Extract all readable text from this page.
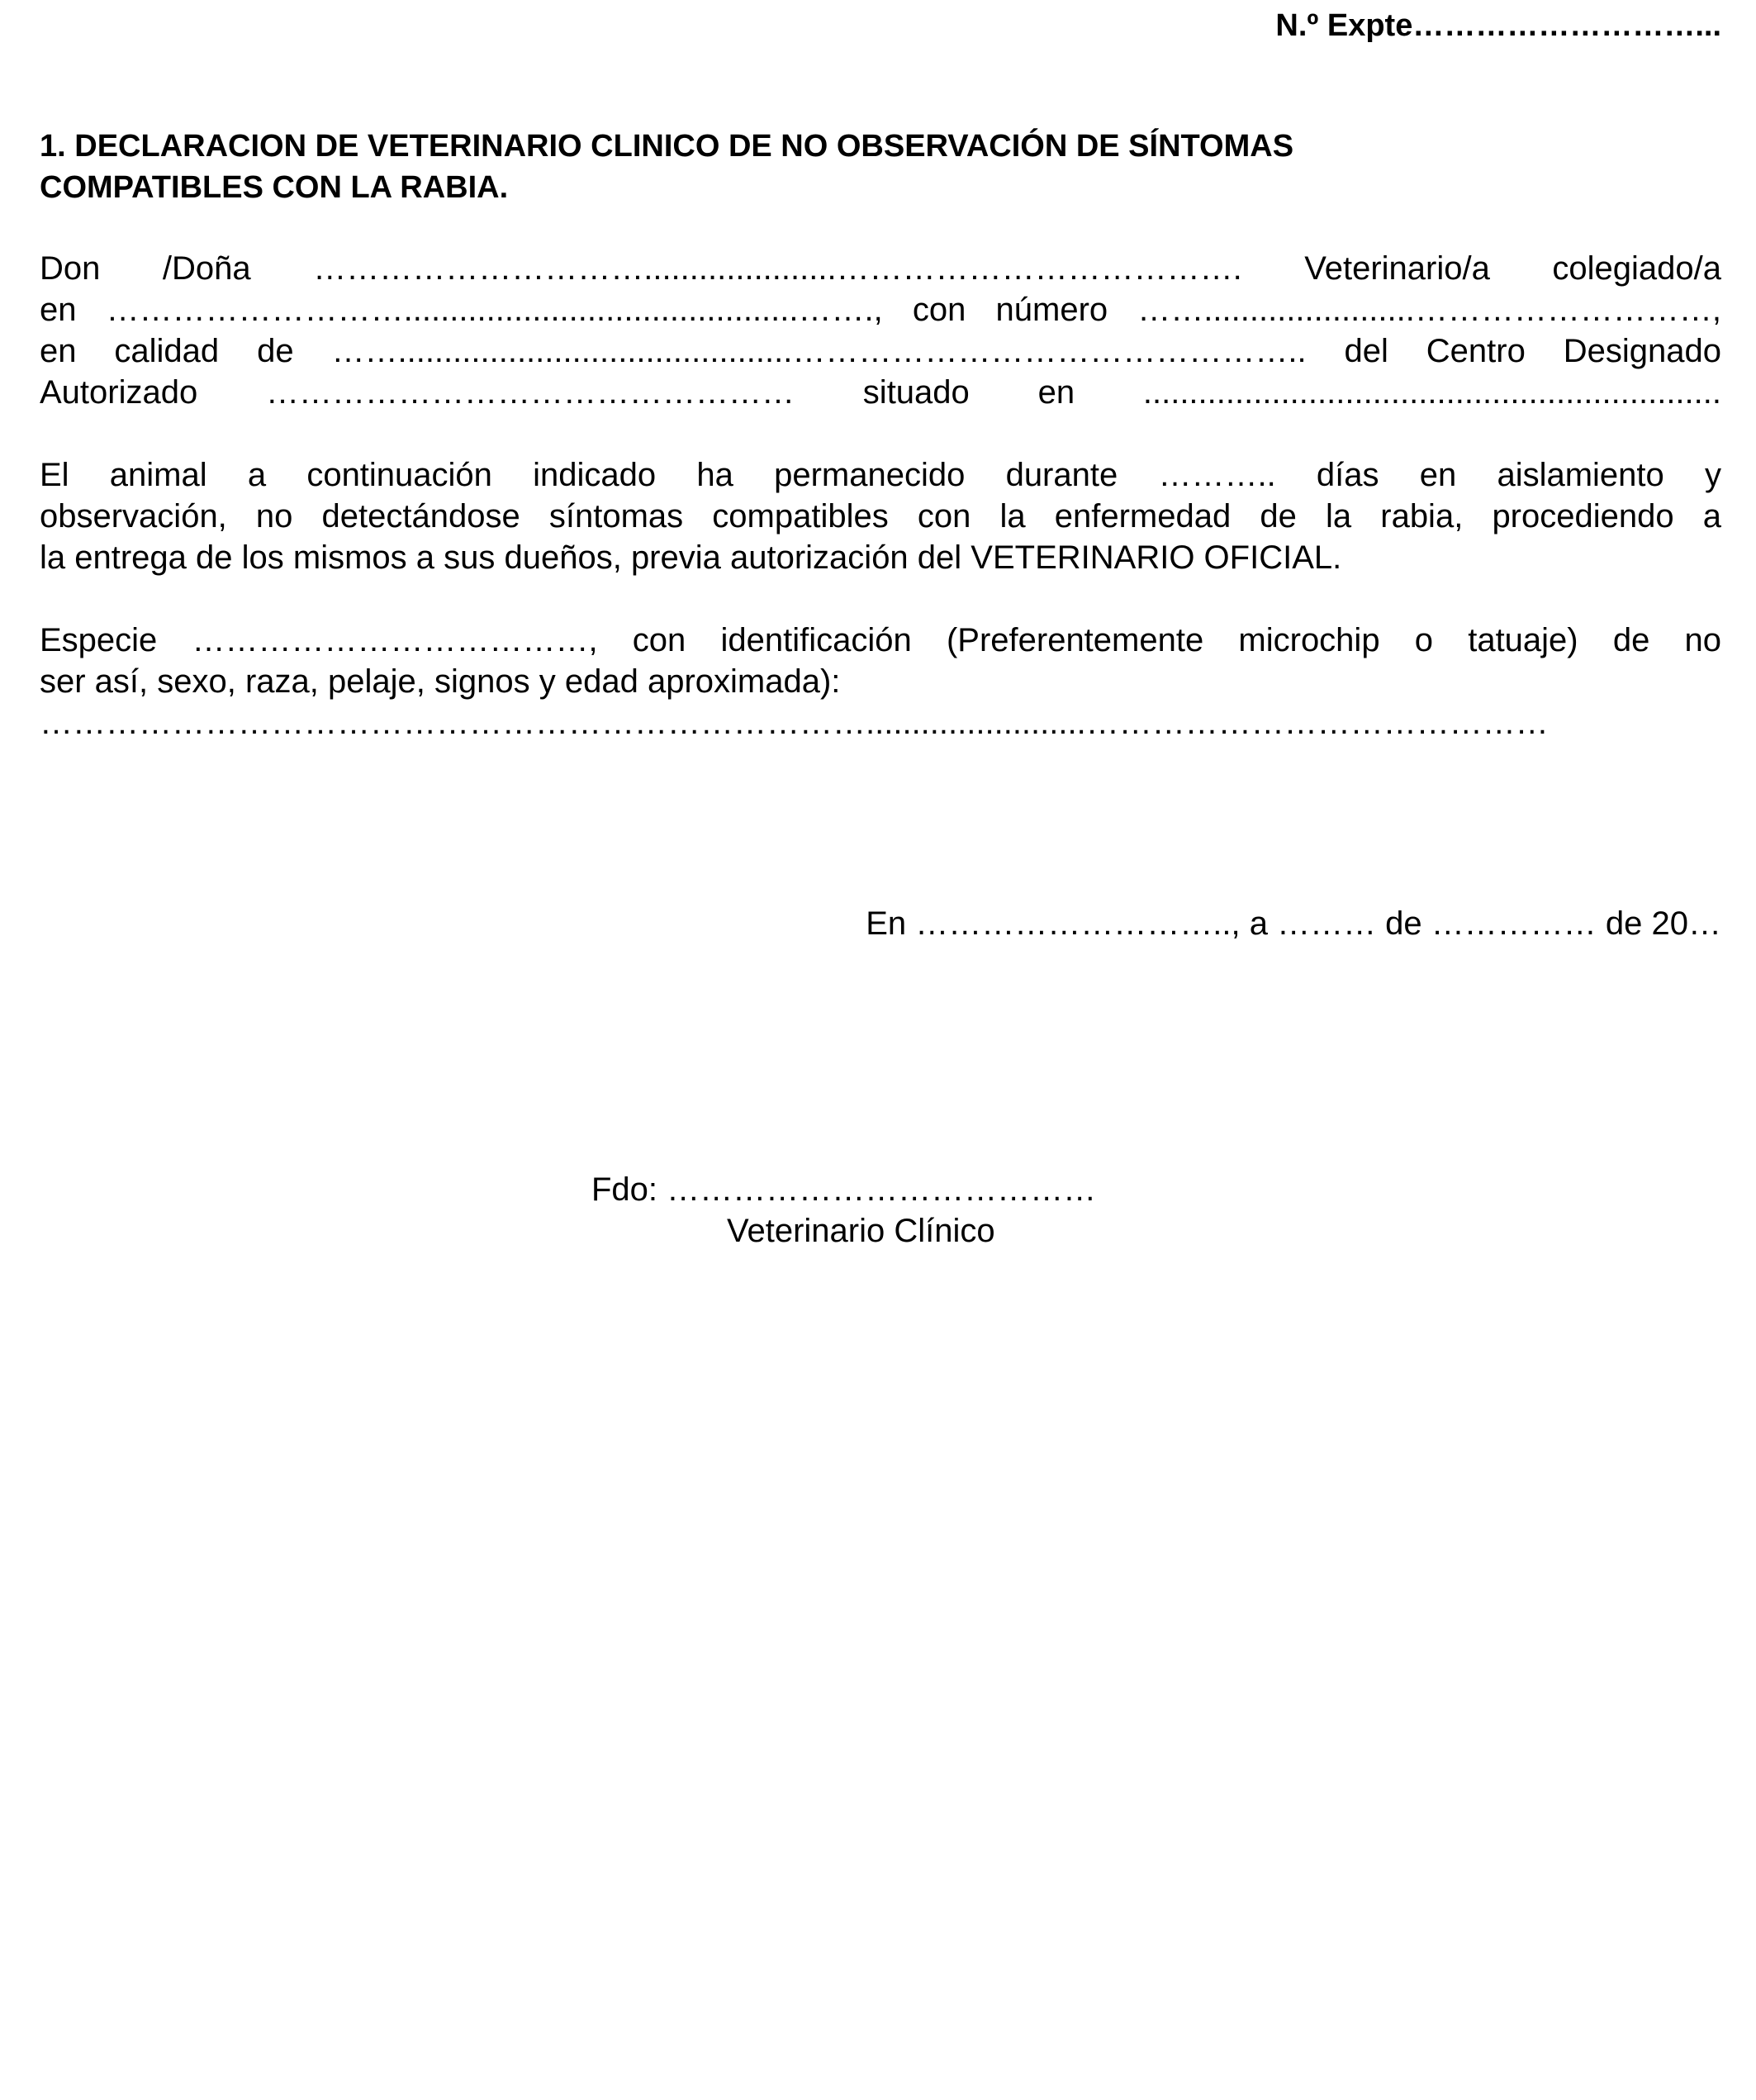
N.º Expte………………………...
1. DECLARACION DE VETERINARIO CLINICO DE NO OBSERVACIÓN DE SÍNTOMAS
COMPATIBLES CON LA RABIA.
Don /Doña ………………………….....................………………………………. Veterinario/a colegiado/a
en ………………………...........................................……., con número …….......................………………………,
en calidad de ……...........................................……………………………………….. del Centro Designado
Autorizado ………………………………………… situado en ...............................................................
El animal a continuación indicado ha permanecido durante ……….. días en aislamiento y
observación, no detectándose síntomas compatibles con la enfermedad de la rabia, procediendo a
la entrega de los mismos a sus dueños, previa autorización del VETERINARIO OFICIAL.
Especie ………………………………, con identificación (Preferentemente microchip o tatuaje) de no
ser así, sexo, raza, pelaje, signos y edad aproximada):
…………………………………………………………………........................……………………………………
En ……………………….., a ……… de …………… de 20…
Fdo: …………………………………
Veterinario Clínico
